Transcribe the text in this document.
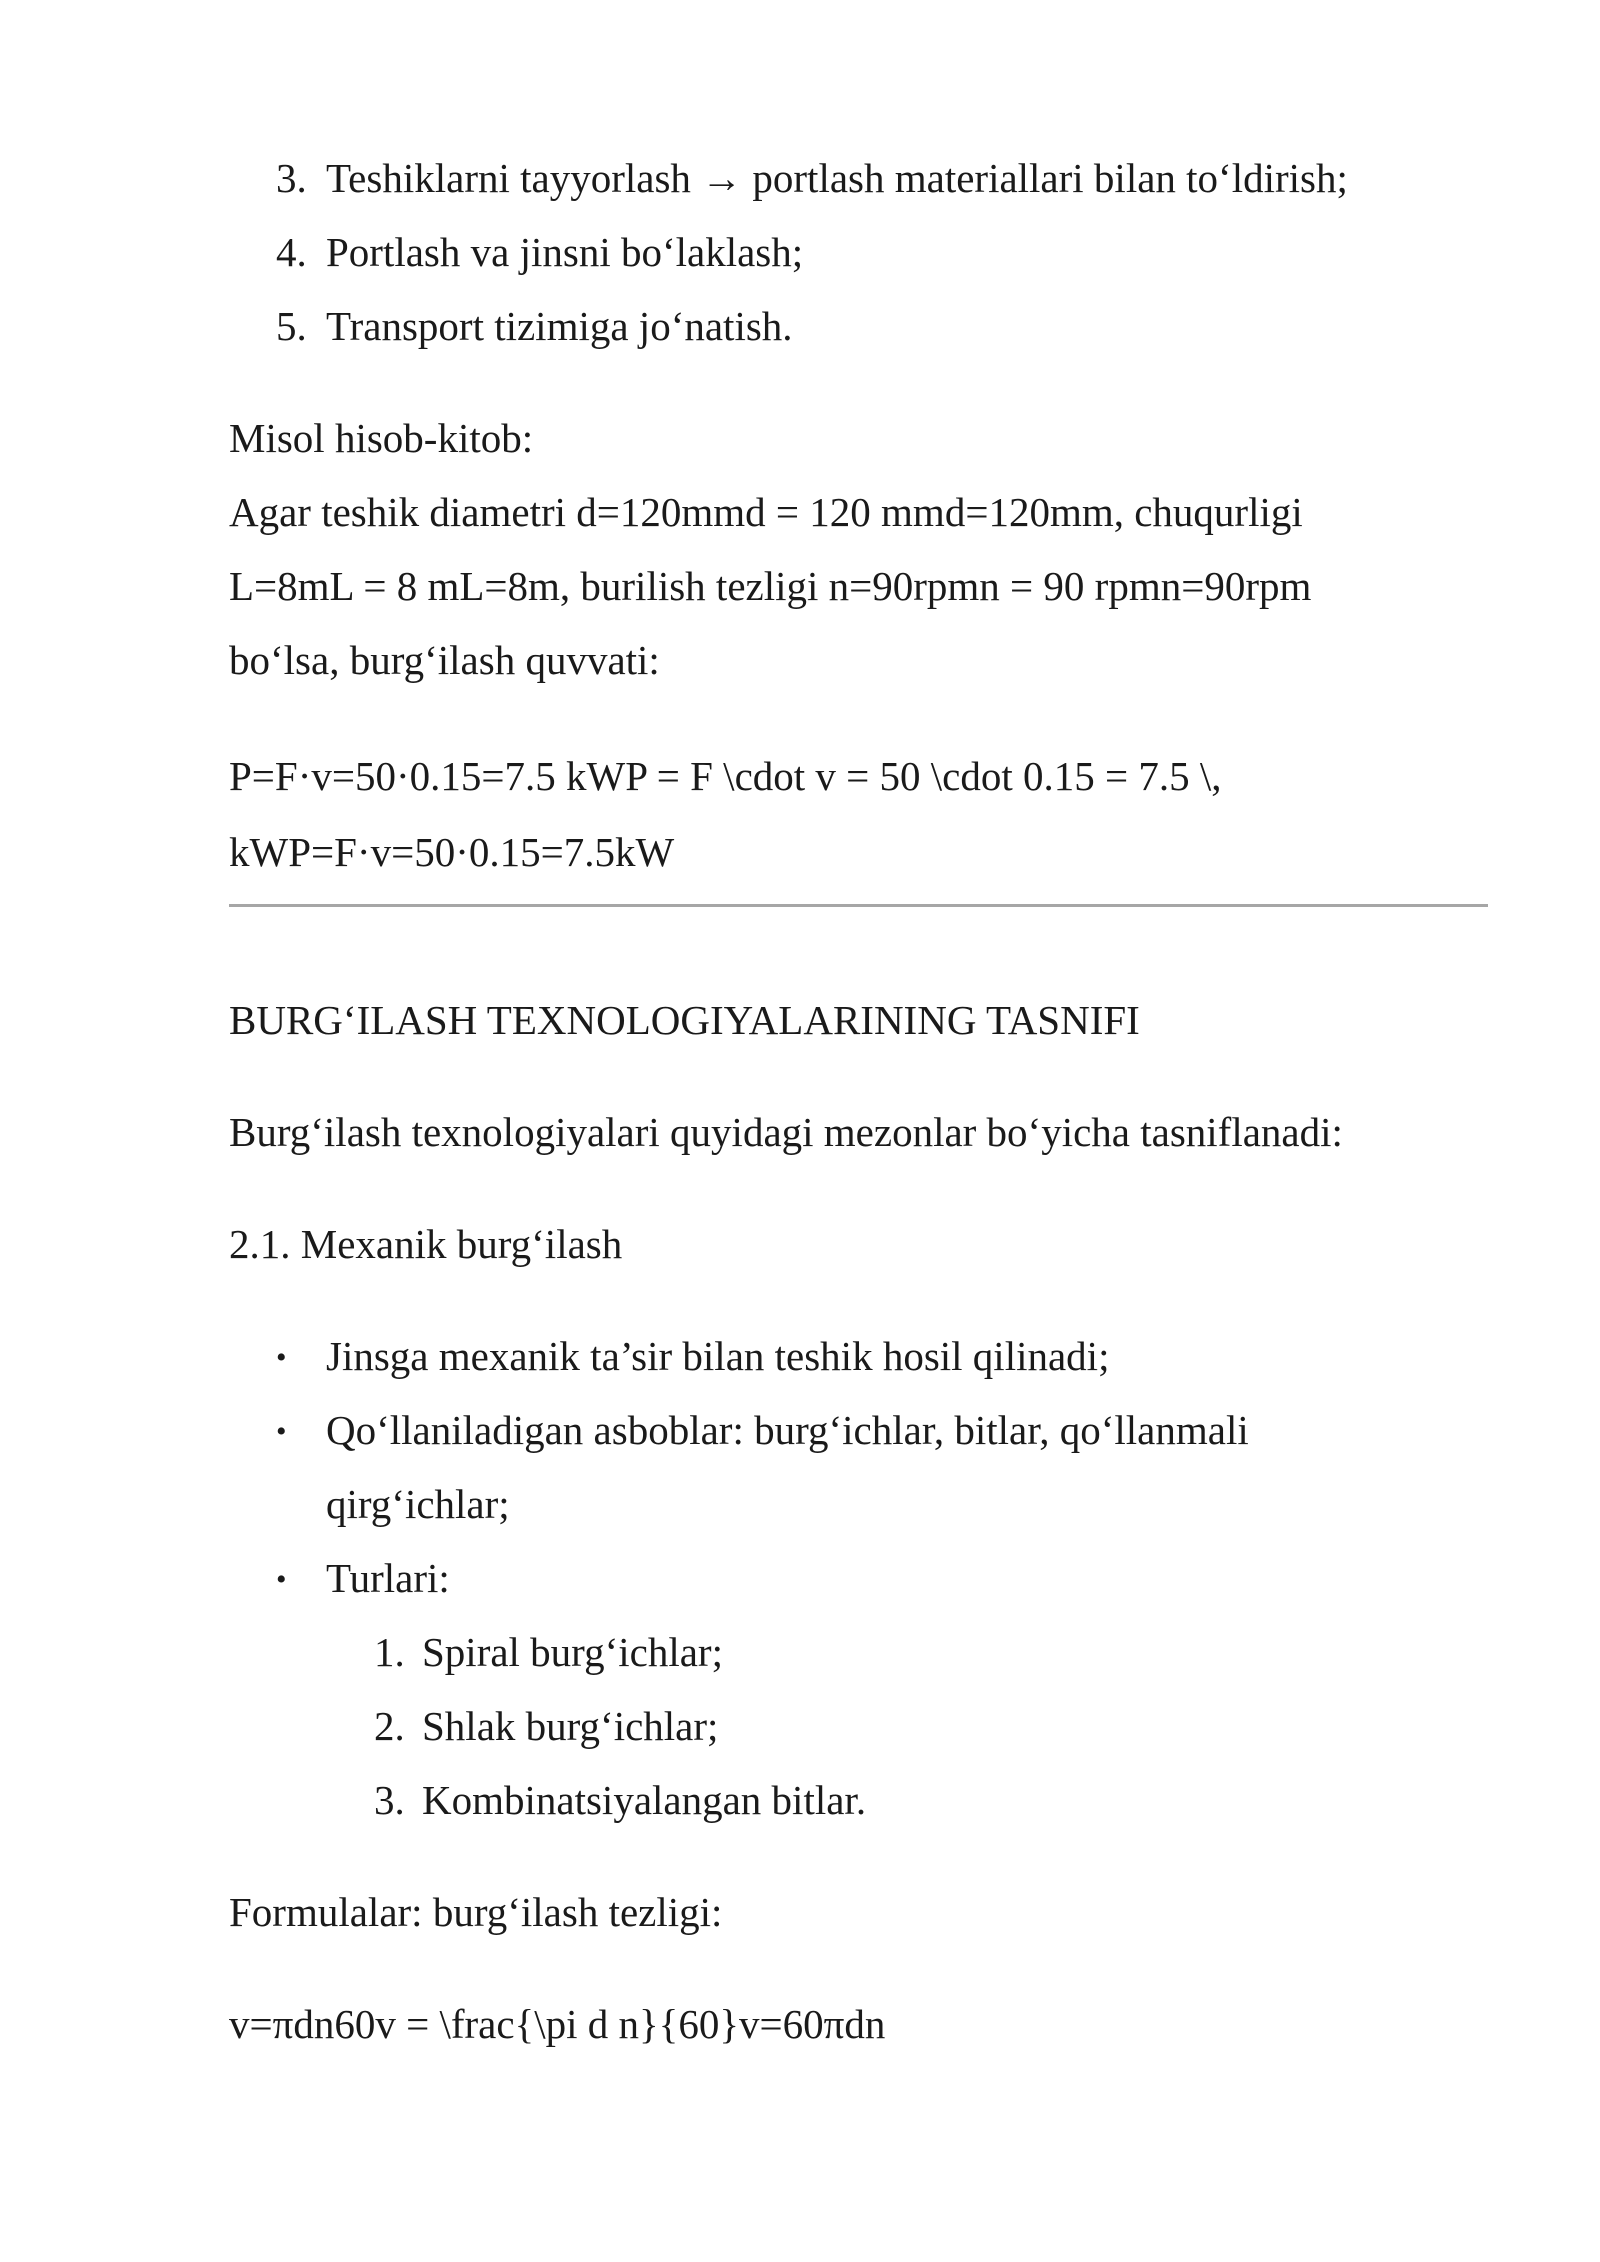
3. Teshiklarni tayyorlash → portlash materiallari bilan to‘ldirish;
4. Portlash va jinsni bo‘laklash;
5. Transport tizimiga jo‘natish.
Misol hisob-kitob:
Agar teshik diametri d=120mmd = 120 mmd=120mm, chuqurligi
L=8mL = 8 mL=8m, burilish tezligi n=90rpmn = 90 rpmn=90rpm
bo‘lsa, burg‘ilash quvvati:
P=F·v=50·0.15=7.5 kWP = F \cdot v = 50 \cdot 0.15 = 7.5 \,
kWP=F·v=50·0.15=7.5kW
BURG‘ILASH TEXNOLOGIYALARINING TASNIFI
Burg‘ilash texnologiyalari quyidagi mezonlar bo‘yicha tasniflanadi:
2.1. Mexanik burg‘ilash
• Jinsga mexanik ta’sir bilan teshik hosil qilinadi;
• Qo‘llaniladigan asboblar: burg‘ichlar, bitlar, qo‘llanmali
qirg‘ichlar;
• Turlari:
1. Spiral burg‘ichlar;
2. Shlak burg‘ichlar;
3. Kombinatsiyalangan bitlar.
Formulalar: burg‘ilash tezligi:
v=πdn60v = \frac{\pi d n}{60}v=60πdn
